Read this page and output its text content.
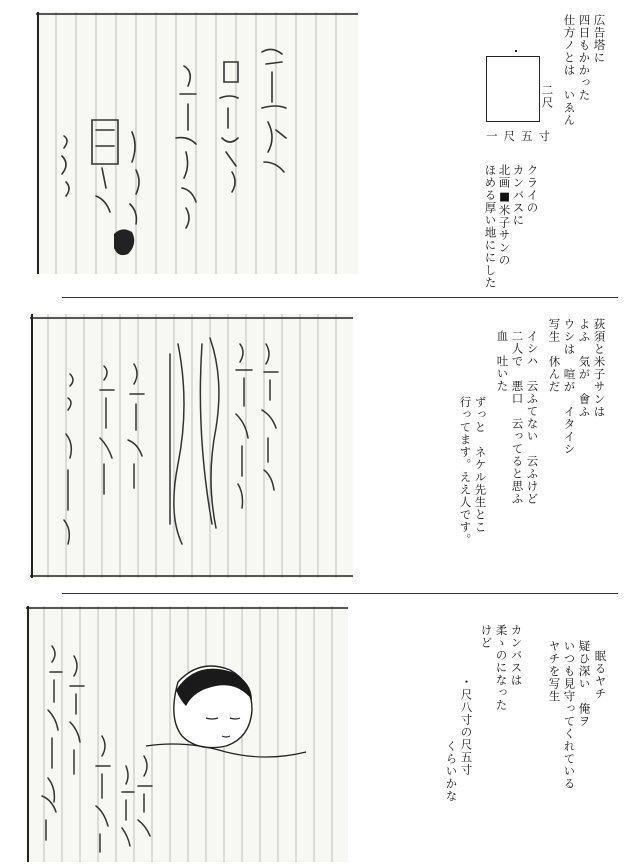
広告塔に
四日もかかった
仕方ノとは　いゑん
二尺
一尺五寸
クライの
カンバスに
北画■米子サンの
ほめる厚い地ににした
荻須と米子サンは
よふ　気が　會ふ
ウシは　喧が　イタイシ
写生　休んだ
イシハ　云ふてない　云ふけど
二人で　悪口　云ってると思ふ
血　吐いた
ずっと　ネケル先生とこ
行ってます。ええ人です。
カンバスは
柔ゝのになった
けど
・尺八寸の尺五寸
くらいかな
眠るヤチ
疑ひ深い　俺ヲ
いつも見守ってくれている
ヤチを写生
